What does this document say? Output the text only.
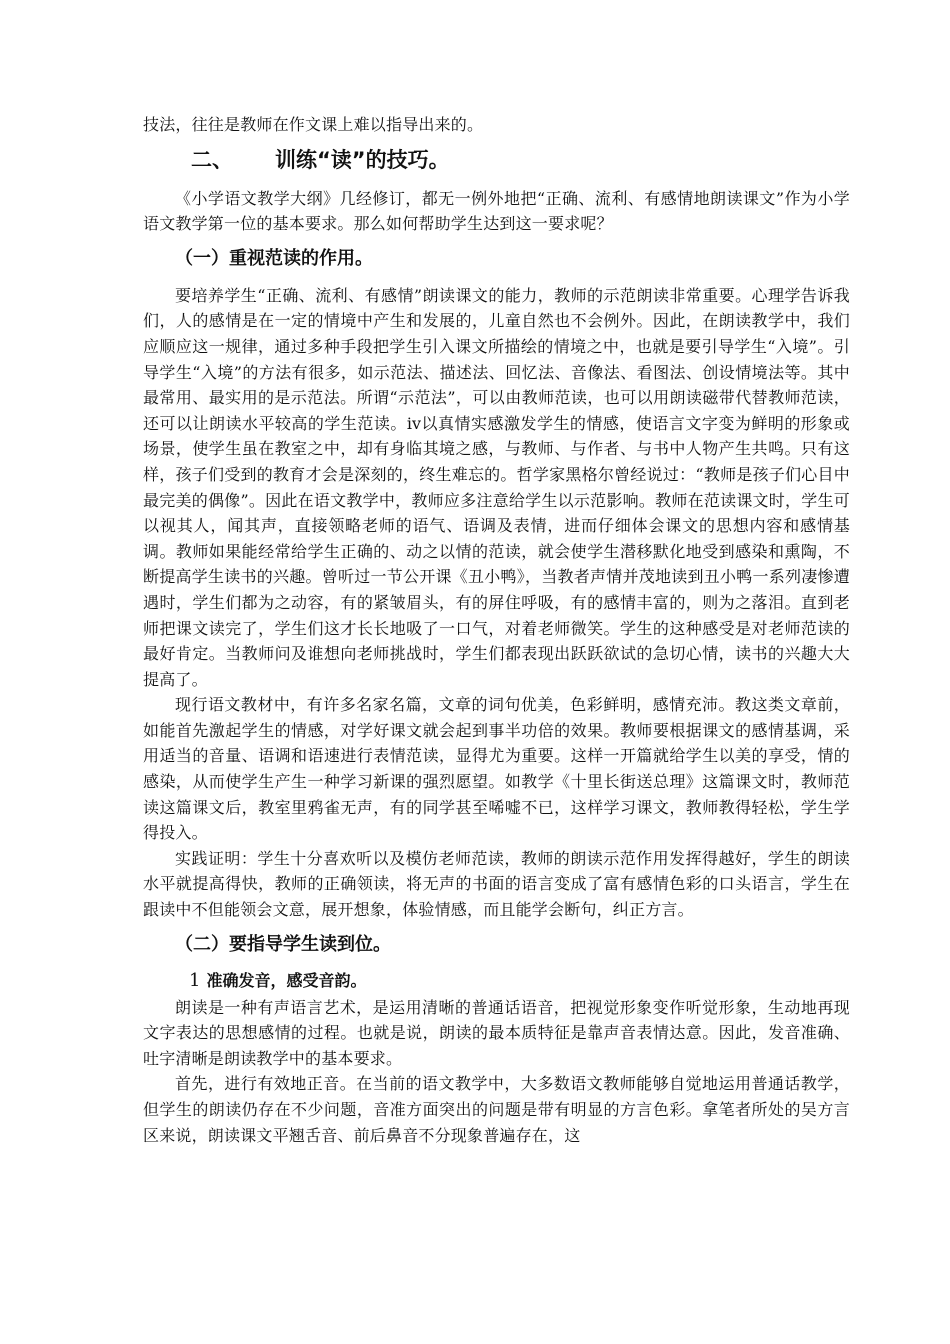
技法，往往是教师在作文课上难以指导出来的。

二、 训练“读”的技巧。

《小学语文教学大纲》几经修订，都无一例外地把“正确、流利、有感情地朗读课文”作为小学语文教学第一位的基本要求。那么如何帮助学生达到这一要求呢？

（一）重视范读的作用。

要培养学生“正确、流利、有感情”朗读课文的能力，教师的示范朗读非常重要。心理学告诉我们，人的感情是在一定的情境中产生和发展的，儿童自然也不会例外。因此，在朗读教学中，我们应顺应这一规律，通过多种手段把学生引入课文所描绘的情境之中，也就是要引导学生“入境”。引导学生“入境”的方法有很多，如示范法、描述法、回忆法、音像法、看图法、创设情境法等。其中最常用、最实用的是示范法。所谓“示范法”，可以由教师范读，也可以用朗读磁带代替教师范读，还可以让朗读水平较高的学生范读。ⅳ以真情实感激发学生的情感，使语言文字变为鲜明的形象或场景，使学生虽在教室之中，却有身临其境之感，与教师、与作者、与书中人物产生共鸣。只有这样，孩子们受到的教育才会是深刻的，终生难忘的。哲学家黑格尔曾经说过：“教师是孩子们心目中最完美的偶像”。因此在语文教学中，教师应多注意给学生以示范影响。教师在范读课文时，学生可以视其人，闻其声，直接领略老师的语气、语调及表情，进而仔细体会课文的思想内容和感情基调。教师如果能经常给学生正确的、动之以情的范读，就会使学生潜移默化地受到感染和熏陶，不断提高学生读书的兴趣。曾听过一节公开课《丑小鸭》，当教者声情并茂地读到丑小鸭一系列凄惨遭遇时，学生们都为之动容，有的紧皱眉头，有的屏住呼吸，有的感情丰富的，则为之落泪。直到老师把课文读完了，学生们这才长长地吸了一口气，对着老师微笑。学生的这种感受是对老师范读的最好肯定。当教师问及谁想向老师挑战时，学生们都表现出跃跃欲试的急切心情，读书的兴趣大大提高了。

现行语文教材中，有许多名家名篇，文章的词句优美，色彩鲜明，感情充沛。教这类文章前，如能首先激起学生的情感，对学好课文就会起到事半功倍的效果。教师要根据课文的感情基调，采用适当的音量、语调和语速进行表情范读，显得尤为重要。这样一开篇就给学生以美的享受，情的感染，从而使学生产生一种学习新课的强烈愿望。如教学《十里长街送总理》这篇课文时，教师范读这篇课文后，教室里鸦雀无声，有的同学甚至唏嘘不已，这样学习课文，教师教得轻松，学生学得投入。

实践证明：学生十分喜欢听以及模仿老师范读，教师的朗读示范作用发挥得越好，学生的朗读水平就提高得快，教师的正确领读，将无声的书面的语言变成了富有感情色彩的口头语言，学生在跟读中不但能领会文意，展开想象，体验情感，而且能学会断句，纠正方言。

（二）要指导学生读到位。
1 准确发音，感受音韵。

朗读是一种有声语言艺术，是运用清晰的普通话语音，把视觉形象变作听觉形象，生动地再现文字表达的思想感情的过程。也就是说，朗读的最本质特征是靠声音表情达意。因此，发音准确、吐字清晰是朗读教学中的基本要求。

首先，进行有效地正音。在当前的语文教学中，大多数语文教师能够自觉地运用普通话教学，但学生的朗读仍存在不少问题，音准方面突出的问题是带有明显的方言色彩。拿笔者所处的吴方言区来说，朗读课文平翘舌音、前后鼻音不分现象普遍存在，这
